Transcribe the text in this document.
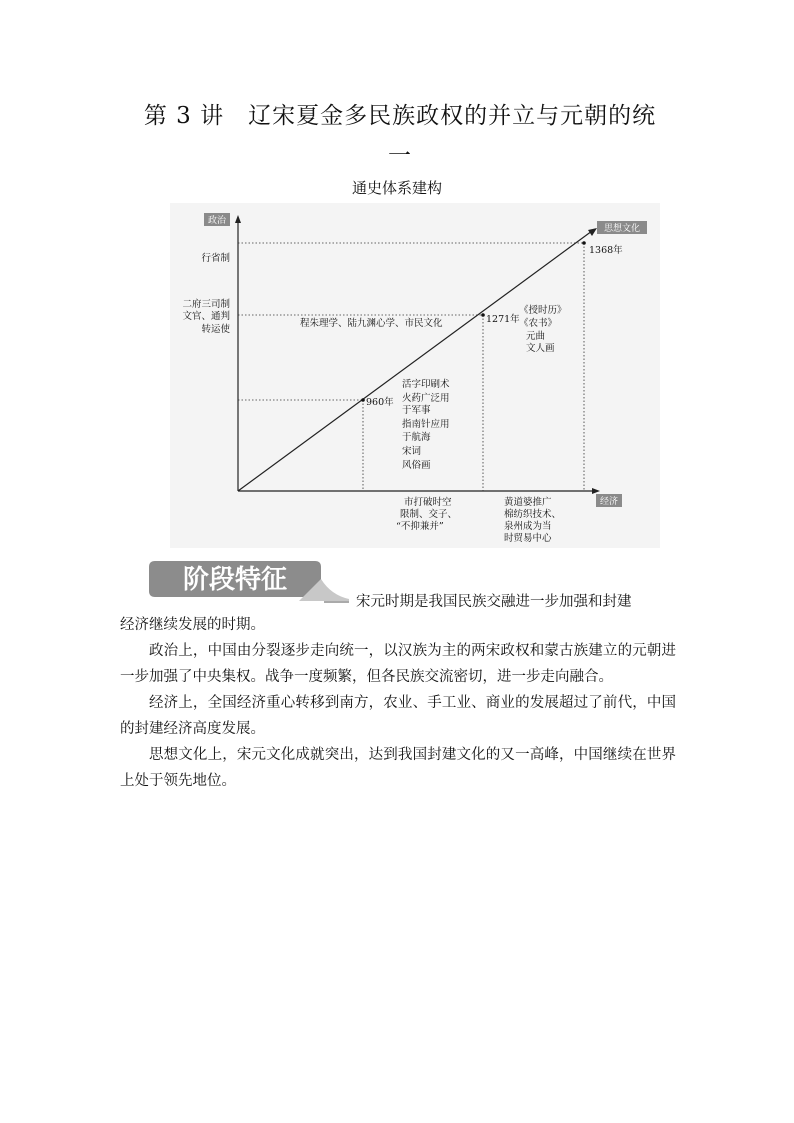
第 3 讲　辽宋夏金多民族政权的并立与元朝的统
一
通史体系建构
政治
思想文化
经济
960年
1271年
1368年
行省制
二府三司制
文官、通判
转运使
程朱理学、陆九渊心学、市民文化
活字印刷术
火药广泛用
于军事
指南针应用
于航海
宋词
风俗画
《授时历》
《农书》
元曲
文人画
市打破时空
限制、交子、
“不抑兼并”
黄道婆推广
棉纺织技术、
泉州成为当
时贸易中心
阶段特征
宋元时期是我国民族交融进一步加强和封建

经济继续发展的时期。

政治上，中国由分裂逐步走向统一，以汉族为主的两宋政权和蒙古族建立的元朝进一步加强了中央集权。战争一度频繁，但各民族交流密切，进一步走向融合。

经济上，全国经济重心转移到南方，农业、手工业、商业的发展超过了前代，中国的封建经济高度发展。

思想文化上，宋元文化成就突出，达到我国封建文化的又一高峰，中国继续在世界上处于领先地位。
